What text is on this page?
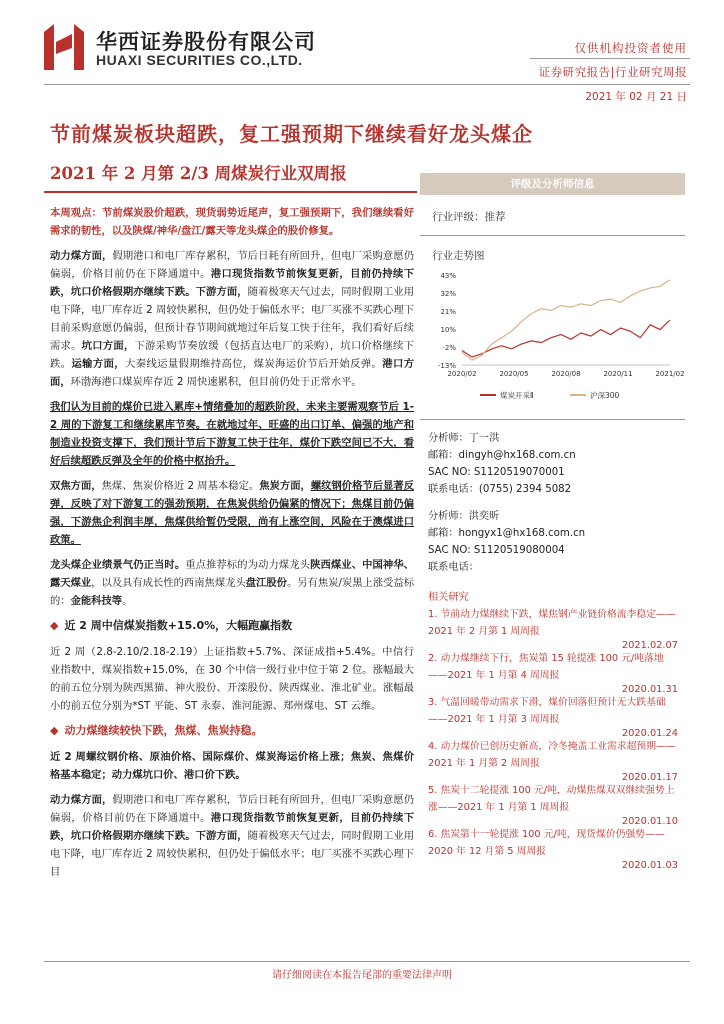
华西证券股份有限公司
HUAXI SECURITIES CO.,LTD.
仅供机构投资者使用
证券研究报告|行业研究周报
2021 年 02 月 21 日
节前煤炭板块超跌，复工强预期下继续看好龙头煤企
2021 年 2 月第 2/3 周煤炭行业双周报

本周观点：节前煤炭股价超跌，现货弱势近尾声，复工强预期下，我们继续看好需求的韧性，以及陕煤/神华/盘江/露天等龙头煤企的股价修复。

动力煤方面，假期港口和电厂库存累积，节后日耗有所回升，但电厂采购意愿仍偏弱，价格目前仍在下降通道中。港口现货指数节前恢复更新，目前仍持续下跌，坑口价格假期亦继续下跌。下游方面，随着极寒天气过去，同时假期工业用电下降，电厂库存近 2 周较快累积，但仍处于偏低水平；电厂买涨不买跌心理下目前采购意愿仍偏弱，但预计春节期间就地过年后复工快于往年，我们看好后续需求。坑口方面，下游采购节奏放缓（包括直达电厂的采购），坑口价格继续下跌。运输方面，大秦线运量假期维持高位，煤炭海运价节后开始反弹。港口方面，环渤海港口煤炭库存近 2 周快速累积，但目前仍处于正常水平。

我们认为目前的煤价已进入累库+情绪叠加的超跌阶段，未来主要需观察节后 1-2 周的下游复工和继续累库节奏。在就地过年、旺盛的出口订单、偏强的地产和制造业投资支撑下，我们预计节后下游复工快于往年，煤价下跌空间已不大，看好后续超跌反弹及全年的价格中枢抬升。

双焦方面，焦煤、焦炭价格近 2 周基本稳定。焦炭方面，螺纹钢价格节后显著反弹，反映了对下游复工的强劲预期，在焦炭供给仍偏紧的情况下；焦煤目前仍偏强，下游焦企利润丰厚，焦煤供给暂仍受限，尚有上涨空间，风险在于澳煤进口政策。

龙头煤企业绩景气仍正当时。重点推荐标的为动力煤龙头陕西煤业、中国神华、露天煤业，以及具有成长性的西南焦煤龙头盘江股份。另有焦炭/炭黑上涨受益标的：金能科技等。

◆ 近 2 周中信煤炭指数+15.0%，大幅跑赢指数

近 2 周（2.8-2.10/2.18-2.19）上证指数+5.7%、深证成指+5.4%。中信行业指数中，煤炭指数+15.0%，在 30 个中信一级行业中位于第 2 位。涨幅最大的前五位分别为陕西黑猫、神火股份、开滦股份、陕西煤业、淮北矿业。涨幅最小的前五位分别为*ST 平能、ST 永泰、淮河能源、郑州煤电、ST 云维。

◆ 动力煤继续较快下跌，焦煤、焦炭持稳。

近 2 周螺纹钢价格、原油价格、国际煤价、煤炭海运价格上涨；焦炭、焦煤价格基本稳定；动力煤坑口价、港口价下跌。

动力煤方面，假期港口和电厂库存累积，节后日耗有所回升，但电厂采购意愿仍偏弱，价格目前仍在下降通道中。港口现货指数节前恢复更新，目前仍持续下跌，坑口价格假期亦继续下跌。下游方面，随着极寒天气过去，同时假期工业用电下降，电厂库存近 2 周较快累积，但仍处于偏低水平；电厂买涨不买跌心理下目

评级及分析师信息
行业评级：推荐
行业走势图
43%
32%
21%
10%
-2%
-13%
2020/02	2020/05	2020/08	2020/11	2021/02
煤炭开采Ⅱ	沪深300
分析师：丁一洪
邮箱：dingyh@hx168.com.cn
SAC NO: S1120519070001
联系电话：(0755) 2394 5082
分析师：洪奕昕
邮箱：hongyx1@hx168.com.cn
SAC NO: S1120519080004
联系电话：
相关研究
1. 节前动力煤继续下跌，煤焦钢产业链价格流李稳定——2021 年 2 月第 1 周周报
2021.02.07
2. 动力煤继续下行，焦炭第 15 轮提涨 100 元/吨落地——2021 年 1 月第 4 周周报
2020.01.31
3. 气温回暖带动需求下滑，煤价回落但预计无大跌基础——2021 年 1 月第 3 周周报
2020.01.24
4. 动力煤价已创历史新高，冷冬掩盖工业需求超预期——2021 年 1 月第 2 周周报
2020.01.17
5. 焦炭十二轮提涨 100 元/吨，动煤焦煤双双继续强势上涨——2021 年 1 月第 1 周周报
2020.01.10
6. 焦炭第十一轮提涨 100 元/吨，现货煤价仍强势——2020 年 12 月第 5 周周报
2020.01.03
请仔细阅读在本报告尾部的重要法律声明
